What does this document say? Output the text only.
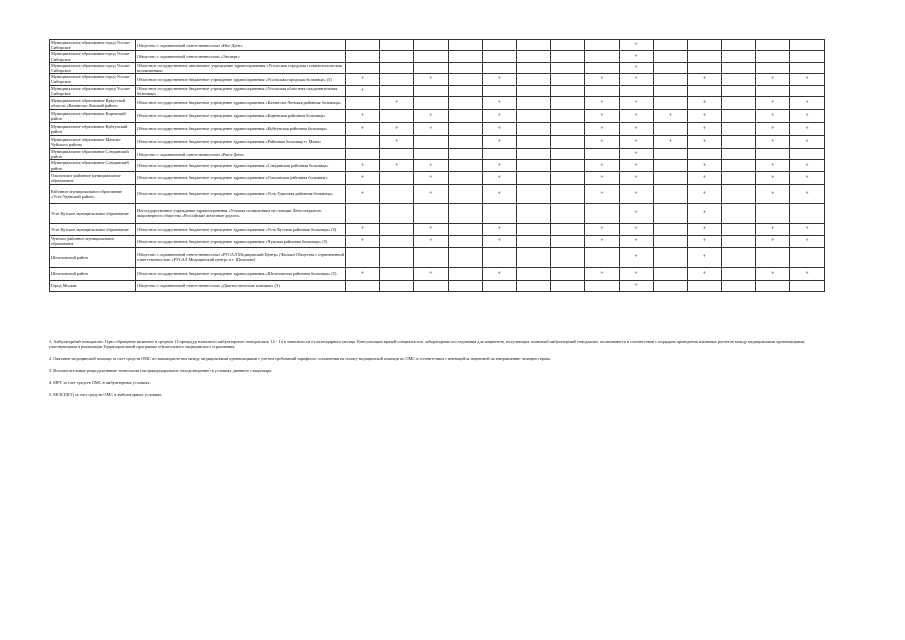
Муниципальное образование город Усолье-Сибирское	Общество с ограниченной ответственностью «Нео-Дент»									+					
Муниципальное образование город Усолье-Сибирское	Общество с ограниченной ответственностью «Эксперт»									+					
Муниципальное образование город Усолье-Сибирское	Областное государственное автономное учреждение здравоохранения «Усольская городская стоматологическая поликлиника»									+					
Муниципальное образование город Усолье-Сибирское	Областное государственное бюджетное учреждение здравоохранения «Усольская городская больница» (5)	+		+		+			+	+		+		+	+
Муниципальное образование город Усолье-Сибирское	Областное государственное бюджетное учреждение здравоохранения «Усольская областная оздоровительная больница»	+													
Муниципальное образование Иркутской области «Катангско-Лекский район»	Областное государственное бюджетное учреждение здравоохранения «Катангско-Ленская районная больница»		+			+			+	+		+		+	+
Муниципальное образование Киренский район	Областное государственное бюджетное учреждение здравоохранения «Киренская районная больница»	+		+		+			+	+	+	+		+	+
Муниципальное образование Куйтунский район	Областное государственное бюджетное учреждение здравоохранения «Куйтунская районная больница»	+	+	+		+			+	+		+		+	+
Муниципальное образование Мамско-Чуйского района	Областное государственное бюджетное учреждение здравоохранения «Районная больница п. Мама»		+			+			+	+	+	+		+	+
Муниципальное образование Слюдянский район	Общество с ограниченной ответственностью «Вита-Дент»									+					
Муниципальное образование Слюдянский район	Областное государственное бюджетное учреждение здравоохранения «Слюдянская районная больница»	+	+	+		+			+	+		+		+	+
Ольхонское районное муниципальное образование	Областное государственное бюджетное учреждение здравоохранения «Ольхонская районная больница»	+		+		+			+	+		+		+	+
Районное муниципальное образование «Усть-Удинский район»	Областное государственное бюджетное учреждение здравоохранения «Усть-Удинская районная больница»	+		+		+			+	+		+		+	+
Усть-Кутское муниципальное образование	Негосударственное учреждение здравоохранения «Узловая поликлиника на станции Лена открытого акционерного общества «Российские железные дороги»									+		+			
Усть-Кутское муниципальное образование	Областное государственное бюджетное учреждение здравоохранения «Усть-Кутская районная больница» (5)	+		+		+			+	+		+		+	+
Чунское районное муниципальное образование	Областное государственное бюджетное учреждение здравоохранения «Чунская районная больница» (5)	+		+		+			+	+		+		+	+
Шелеховский район	Общество с ограниченной ответственностью «РУСАЛ Медицинский Центр» (Филиал Общества с ограниченной ответственностью «РУСАЛ Медицинский центр» в г. Шелехове)									+		+			
Шелеховский район	Областное государственное бюджетное учреждение здравоохранения «Шелеховская районная больница» (5)	+		+		+			+	+		+		+	+
Город Москва	Общество с ограниченной ответственностью «Диагностические клиники» (3)									+					

1. Амбулаторный гемодиализ. Одно обращение включает в среднем 13 процедур планового амбулаторного гемодиализа, 12 - 14 в зависимости от календарного месяца. Консультации врачей-специалистов, лабораторные исследования для пациентов, получающих плановый амбулаторный гемодиализ, оплачиваются в соответствии с порядком проведения взаимных расчетов между медицинскими организациями, участвующими в реализации Территориальной программы обязательного медицинского страхования.

2. Оказание медицинской помощи за счет средств ОМС по взаиморасчетам между медицинскими организациями с учетом требований тарифного соглашения на оплату медицинской помощи по ОМС в соответствии с имеющейся лицензией по направлению лечащего врача.

3. Вспомогательные репродуктивные технологии (экстракорпоральное оплодотворение) в условиях дневного стационара.

4. МРТ за счет средств ОМС в амбулаторных условиях.

5. МСКТ(КТ) за счет средств ОМС в амбулаторных условиях.
